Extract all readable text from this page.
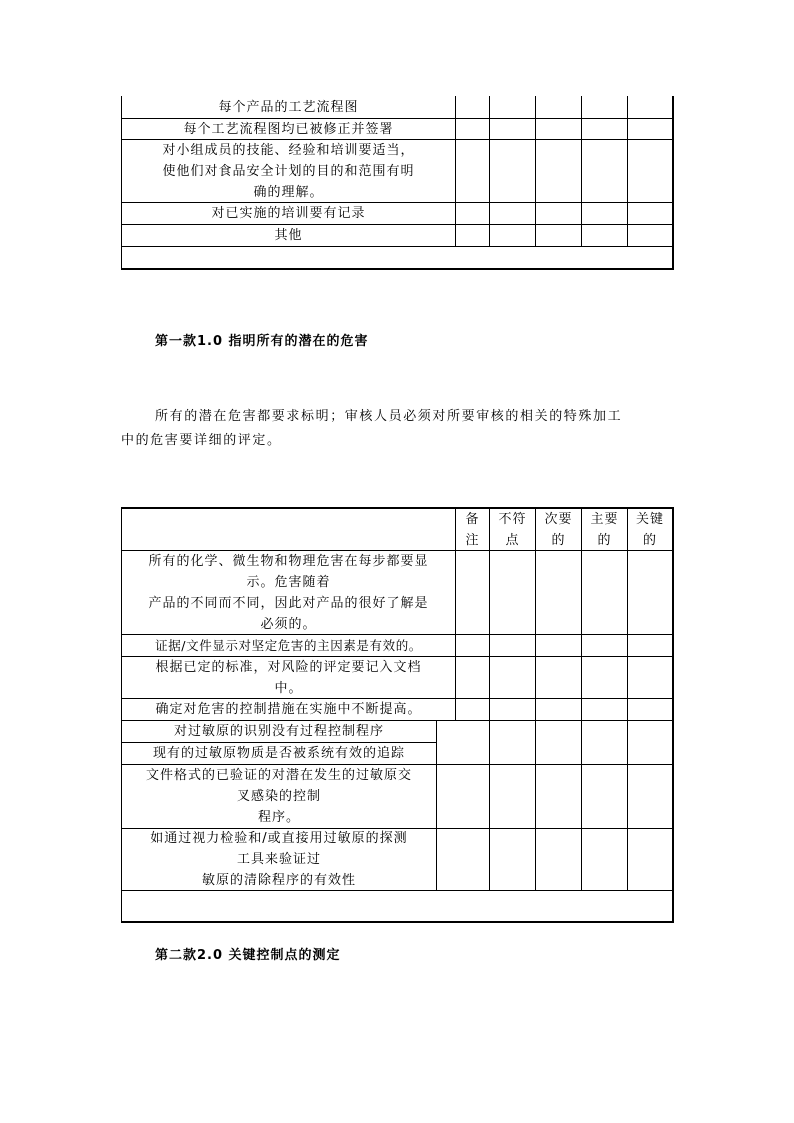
每个产品的工艺流程图
每个工艺流程图均已被修正并签署
对小组成员的技能、经验和培训要适当，
使他们对食品安全计划的目的和范围有明
确的理解。
对已实施的培训要有记录
其他
第一款1.0 指明所有的潜在的危害
所有的潜在危害都要求标明；审核人员必须对所要审核的相关的特殊加工
中的危害要详细的评定。
备
注
不符
点
次要
的
主要
的
关键
的
所有的化学、微生物和物理危害在每步都要显
示。危害随着
产品的不同而不同，因此对产品的很好了解是
必须的。
证据/文件显示对坚定危害的主因素是有效的。
根据已定的标准，对风险的评定要记入文档
中。
确定对危害的控制措施在实施中不断提高。
对过敏原的识别没有过程控制程序
现有的过敏原物质是否被系统有效的追踪
文件格式的已验证的对潜在发生的过敏原交
叉感染的控制
程序。
如通过视力检验和/或直接用过敏原的探测
工具来验证过
敏原的清除程序的有效性
第二款2.0 关键控制点的测定
